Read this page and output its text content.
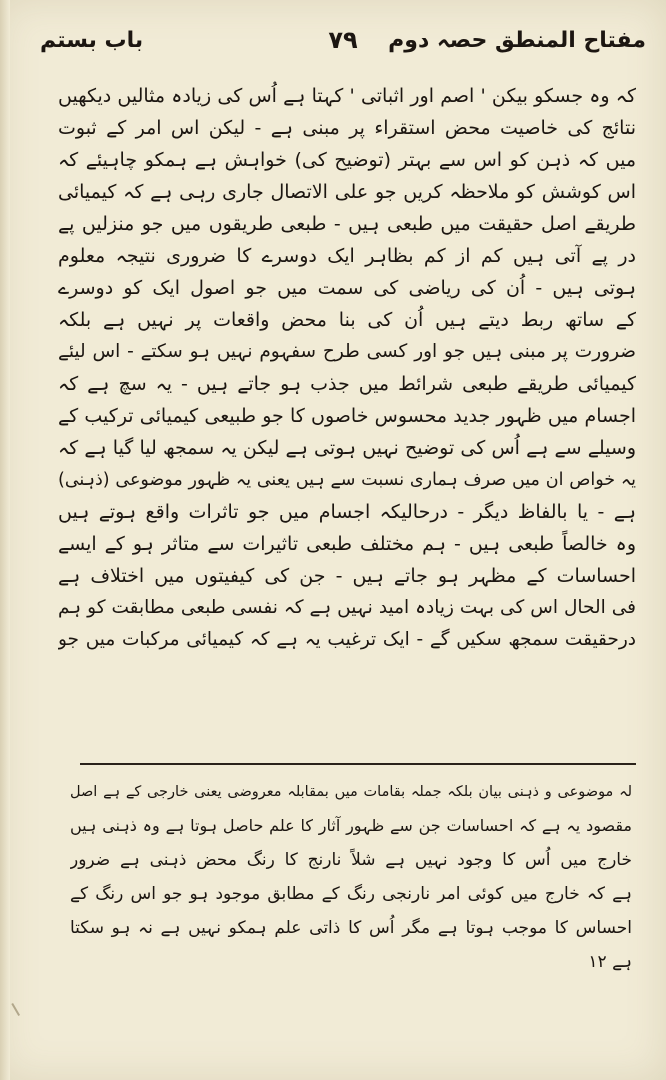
مفتاح المنطق حصہ دوم
۷۹
باب بستم
کہ وہ جسکو بیکن ' اصم اور اثباتی ' کہتا ہے اُس کی زیادہ مثالیں دیکھیں
نتائج کی خاصیت محض استقراء پر مبنی ہے - لیکن اس امر کے ثبوت
میں کہ ذہن کو اس سے بہتر (توضیح کی) خواہش ہے ہمکو چاہیئے کہ
اس کوشش کو ملاحظہ کریں جو علی الاتصال جاری رہی ہے کہ کیمیائی
طریقے اصل حقیقت میں طبعی ہیں - طبعی طریقوں میں جو منزلیں پے
در پے آتی ہیں کم از کم بظاہر ایک دوسرے کا ضروری نتیجہ معلوم
ہوتی ہیں - اُن کی ریاضی کی سمت میں جو اصول ایک کو دوسرے
کے ساتھ ربط دیتے ہیں اُن کی بنا محض واقعات پر نہیں ہے بلکہ
ضرورت پر مبنی ہیں جو اور کسی طرح سفہوم نہیں ہو سکتے - اس لیئے
کیمیائی طریقے طبعی شرائط میں جذب ہو جاتے ہیں - یہ سچ ہے کہ
اجسام میں ظہور جدید محسوس خاصوں کا جو طبیعی کیمیائی ترکیب کے
وسیلے سے ہے اُس کی توضیح نہیں ہوتی ہے لیکن یہ سمجھ لیا گیا ہے کہ
یہ خواص ان میں صرف ہماری نسبت سے ہیں یعنی یہ ظہور موضوعی (ذہنی)
ہے - یا بالفاظ دیگر - درحالیکہ اجسام میں جو تاثرات واقع ہوتے ہیں
وہ خالصاً طبعی ہیں - ہم مختلف طبعی تاثیرات سے متاثر ہو کے ایسے
احساسات کے مظہر ہو جاتے ہیں - جن کی کیفیتوں میں اختلاف ہے
فی الحال اس کی بہت زیادہ امید نہیں ہے کہ نفسی طبعی مطابقت کو ہم
درحقیقت سمجھ سکیں گے - ایک ترغیب یہ ہے کہ کیمیائی مرکبات میں جو
لہ موضوعی و ذہنی بیان بلکہ جملہ بقامات میں بمقابلہ معروضی یعنی خارجی کے ہے اصل
مقصود یہ ہے کہ احساسات جن سے ظہور آثار کا علم حاصل ہوتا ہے وہ ذہنی ہیں
خارج میں اُس کا وجود نہیں ہے شلاً نارنج کا رنگ محض ذہنی ہے ضرور
ہے کہ خارج میں کوئی امر نارنجی رنگ کے مطابق موجود ہو جو اس رنگ کے
احساس کا موجب ہوتا ہے مگر اُس کا ذاتی علم ہمکو نہیں ہے نہ ہو سکتا
ہے ۱۲
